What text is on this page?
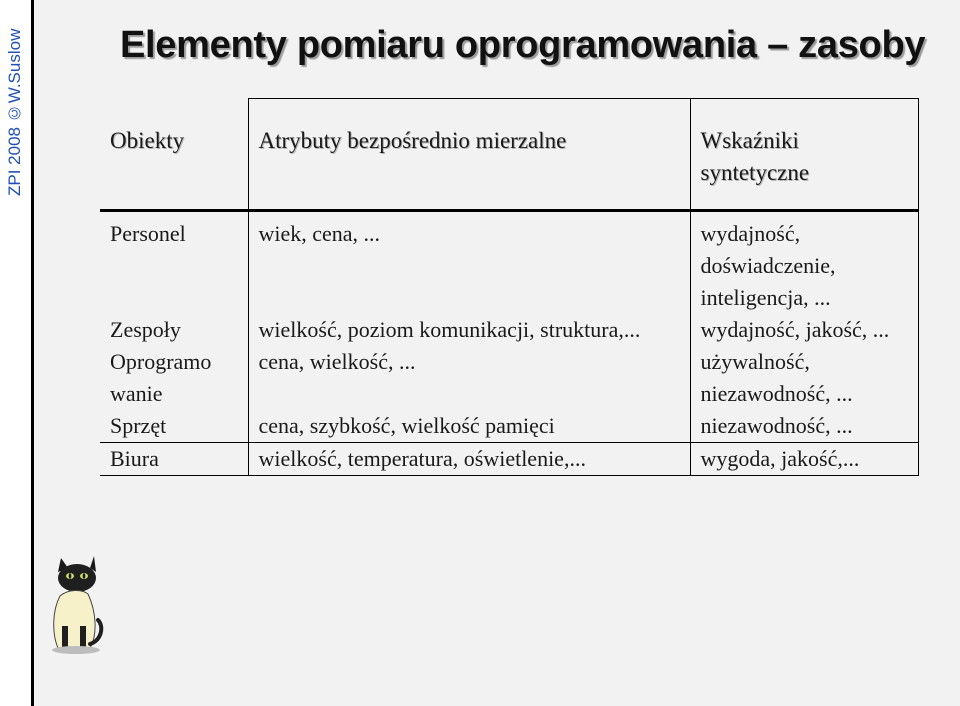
ZPI 2008 ©W.Suslow	Elementy pomiaru oprogramowania – zasoby
Obiekty	Atrybuty bezpośrednio mierzalne	Wskaźniki syntetyczne
Personel	wiek, cena, ...	wydajność, doświadczenie, inteligencja, ...
Zespoły	wielkość, poziom komunikacji, struktura,...	wydajność, jakość, ...
Oprogramo wanie	cena, wielkość, ...	używalność, niezawodność, ...
Sprzęt	cena, szybkość, wielkość pamięci	niezawodność, ...
Biura	wielkość, temperatura, oświetlenie,...	wygoda, jakość,...
